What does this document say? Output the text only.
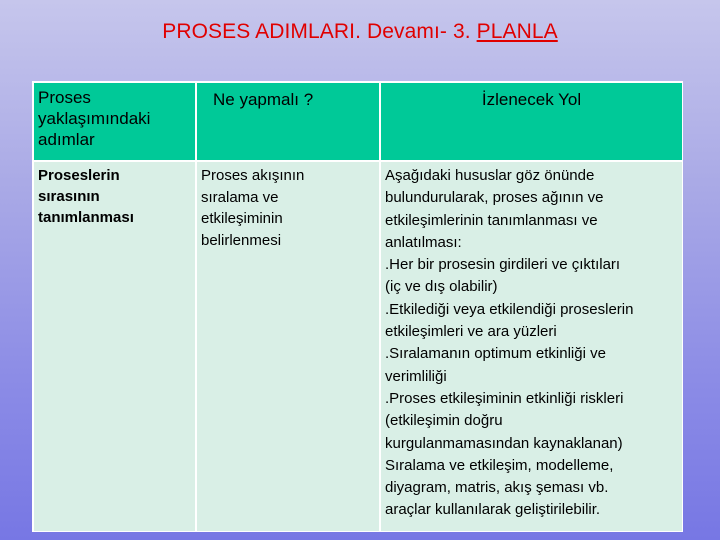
PROSES ADIMLARI. Devamı- 3. PLANLA
Proses
yaklaşımındaki
adımlar
Ne yapmalı ?	İzlenecek Yol
Proseslerin
sırasının
tanımlanması
Proses akışının
sıralama ve
etkileşiminin
belirlenmesi
Aşağıdaki hususlar göz önünde
bulundurularak, proses ağının ve
etkileşimlerinin tanımlanması ve
anlatılması:
.Her bir prosesin girdileri ve çıktıları
(iç ve dış olabilir)
.Etkilediği veya etkilendiği proseslerin
etkileşimleri ve ara yüzleri
.Sıralamanın optimum etkinliği ve
verimliliği
.Proses etkileşiminin etkinliği riskleri
(etkileşimin doğru
kurgulanmamasından kaynaklanan)
Sıralama ve etkileşim, modelleme,
diyagram, matris, akış şeması vb.
araçlar kullanılarak geliştirilebilir.
